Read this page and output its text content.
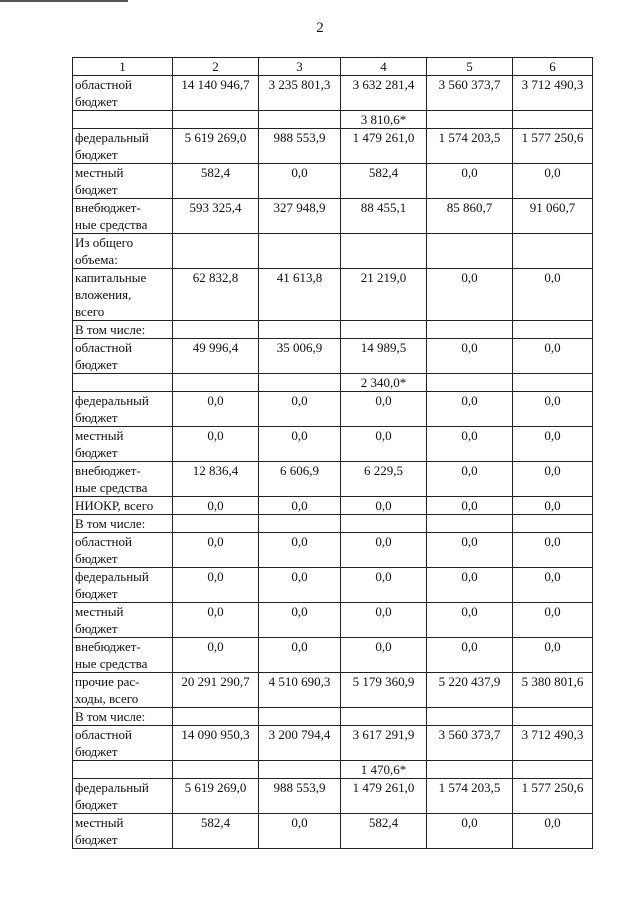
2
1	2	3	4	5	6
областной
бюджет	14 140 946,7	3 235 801,3	3 632 281,4	3 560 373,7	3 712 490,3
			3 810,6*		
федеральный
бюджет	5 619 269,0	988 553,9	1 479 261,0	1 574 203,5	1 577 250,6
местный
бюджет	582,4	0,0	582,4	0,0	0,0
внебюджет-
ные средства	593 325,4	327 948,9	88 455,1	85 860,7	91 060,7
Из общего
объема:					
капитальные
вложения,
всего	62 832,8	41 613,8	21 219,0	0,0	0,0
В том числе:					
областной
бюджет	49 996,4	35 006,9	14 989,5	0,0	0,0
			2 340,0*		
федеральный
бюджет	0,0	0,0	0,0	0,0	0,0
местный
бюджет	0,0	0,0	0,0	0,0	0,0
внебюджет-
ные средства	12 836,4	6 606,9	6 229,5	0,0	0,0
НИОКР, всего	0,0	0,0	0,0	0,0	0,0
В том числе:					
областной
бюджет	0,0	0,0	0,0	0,0	0,0
федеральный
бюджет	0,0	0,0	0,0	0,0	0,0
местный
бюджет	0,0	0,0	0,0	0,0	0,0
внебюджет-
ные средства	0,0	0,0	0,0	0,0	0,0
прочие рас-
ходы, всего	20 291 290,7	4 510 690,3	5 179 360,9	5 220 437,9	5 380 801,6
В том числе:					
областной
бюджет	14 090 950,3	3 200 794,4	3 617 291,9	3 560 373,7	3 712 490,3
			1 470,6*		
федеральный
бюджет	5 619 269,0	988 553,9	1 479 261,0	1 574 203,5	1 577 250,6
местный
бюджет	582,4	0,0	582,4	0,0	0,0
